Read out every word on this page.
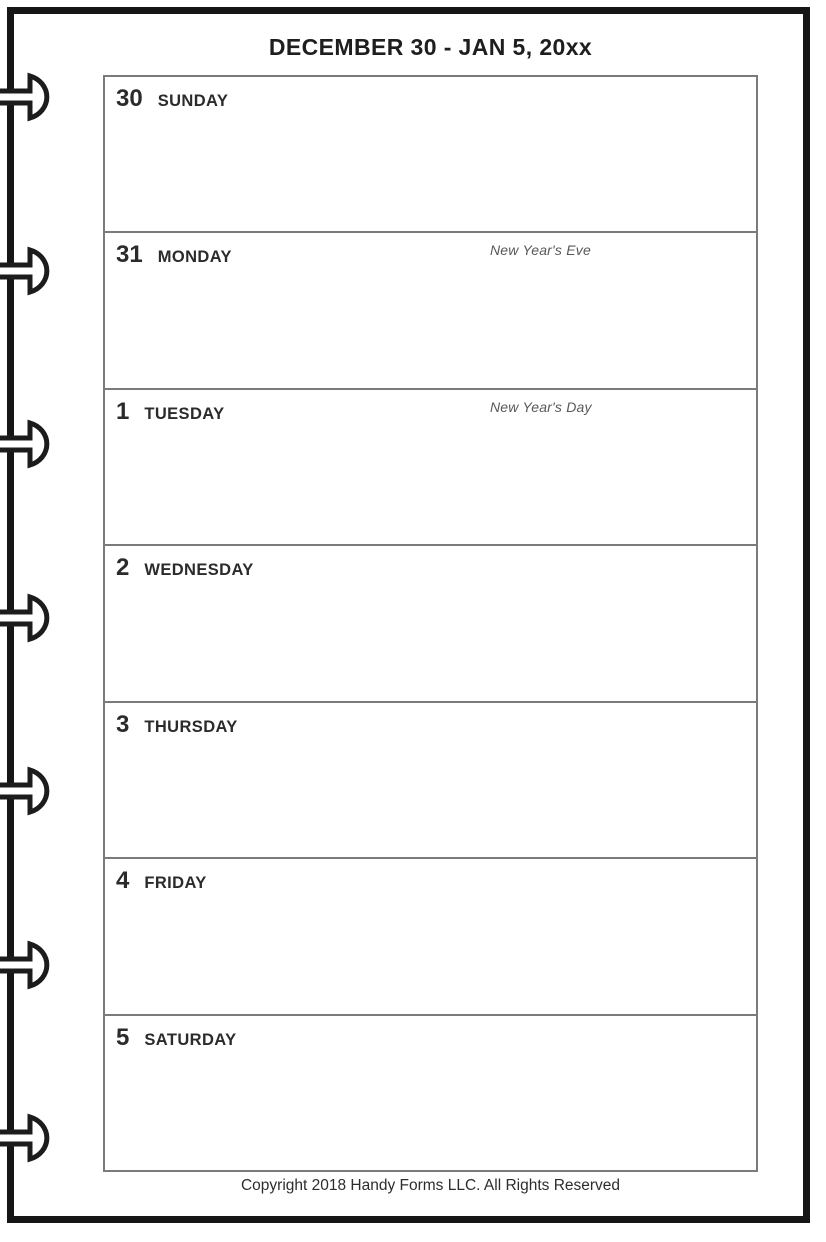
DECEMBER 30 - JAN 5, 20xx
30 SUNDAY
31 MONDAY	New Year's Eve
1 TUESDAY	New Year's Day
2 WEDNESDAY
3 THURSDAY
4 FRIDAY
5 SATURDAY
Copyright 2018 Handy Forms LLC. All Rights Reserved
